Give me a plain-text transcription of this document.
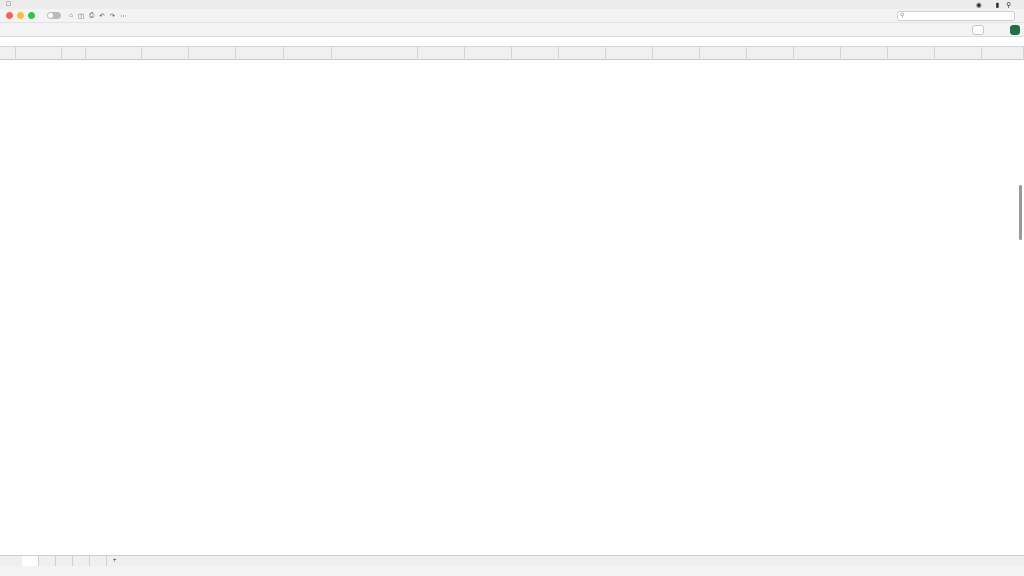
◉ ▮ ⚲
⌂ ◫ ⎙ ↶ ↷ ⋯	⚲
+
